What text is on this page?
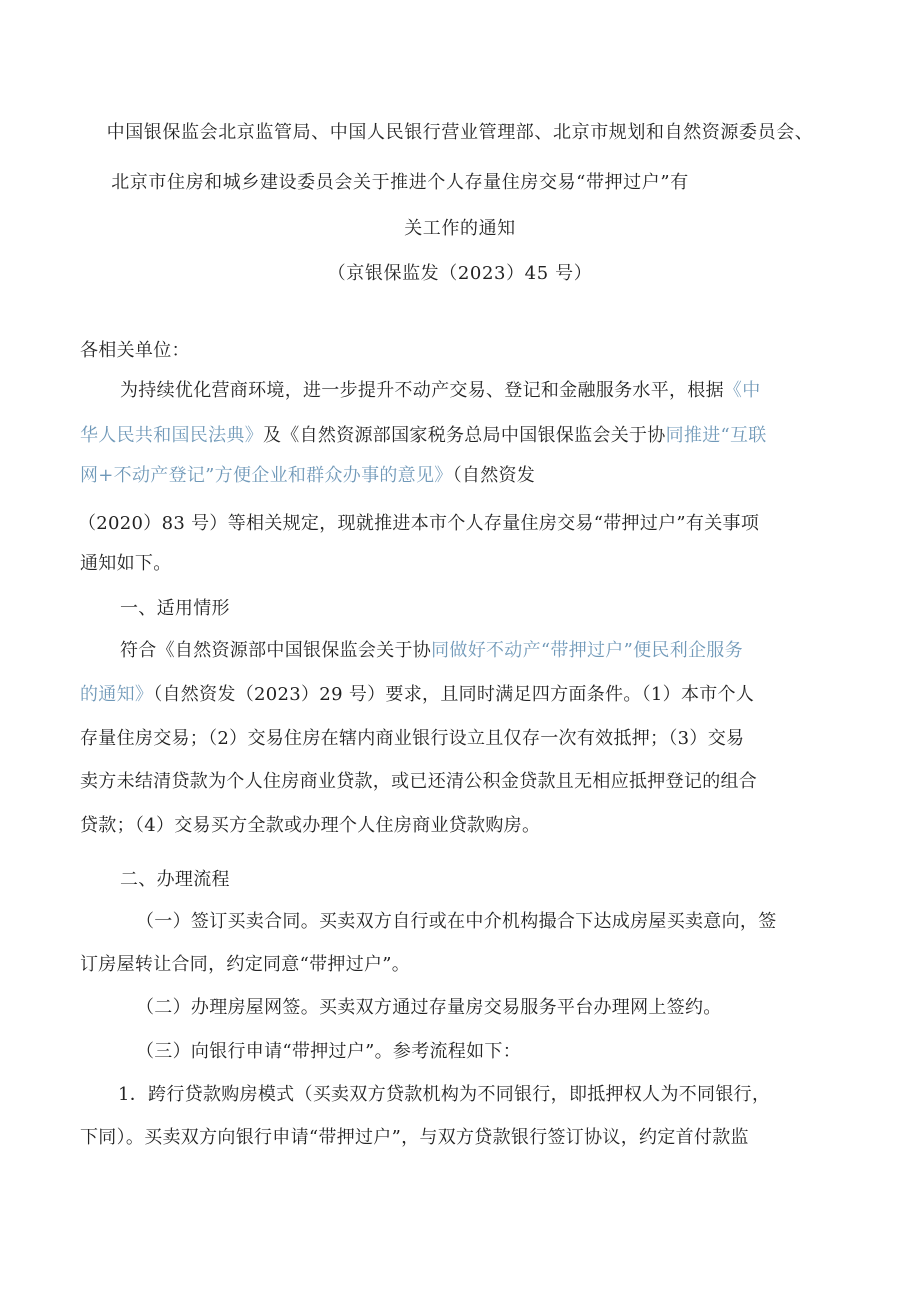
中国银保监会北京监管局、中国人民银行营业管理部、北京市规划和自然资源委员会、
北京市住房和城乡建设委员会关于推进个人存量住房交易“带押过户”有
关工作的通知
（京银保监发（2023）45 号）
各相关单位：
为持续优化营商环境，进一步提升不动产交易、登记和金融服务水平，根据《中
华人民共和国民法典》及《自然资源部国家税务总局中国银保监会关于协同推进“互联
网+不动产登记”方便企业和群众办事的意见》（自然资发
（2020）83 号）等相关规定，现就推进本市个人存量住房交易“带押过户”有关事项
通知如下。
一、适用情形
符合《自然资源部中国银保监会关于协同做好不动产“带押过户”便民利企服务
的通知》（自然资发（2023）29 号）要求，且同时满足四方面条件。（1）本市个人
存量住房交易；（2）交易住房在辖内商业银行设立且仅存一次有效抵押；（3）交易
卖方未结清贷款为个人住房商业贷款，或已还清公积金贷款且无相应抵押登记的组合
贷款；（4）交易买方全款或办理个人住房商业贷款购房。
二、办理流程
（一）签订买卖合同。买卖双方自行或在中介机构撮合下达成房屋买卖意向，签
订房屋转让合同，约定同意“带押过户”。
（二）办理房屋网签。买卖双方通过存量房交易服务平台办理网上签约。
（三）向银行申请“带押过户”。参考流程如下：
1．跨行贷款购房模式（买卖双方贷款机构为不同银行，即抵押权人为不同银行，
下同）。买卖双方向银行申请“带押过户”，与双方贷款银行签订协议，约定首付款监
